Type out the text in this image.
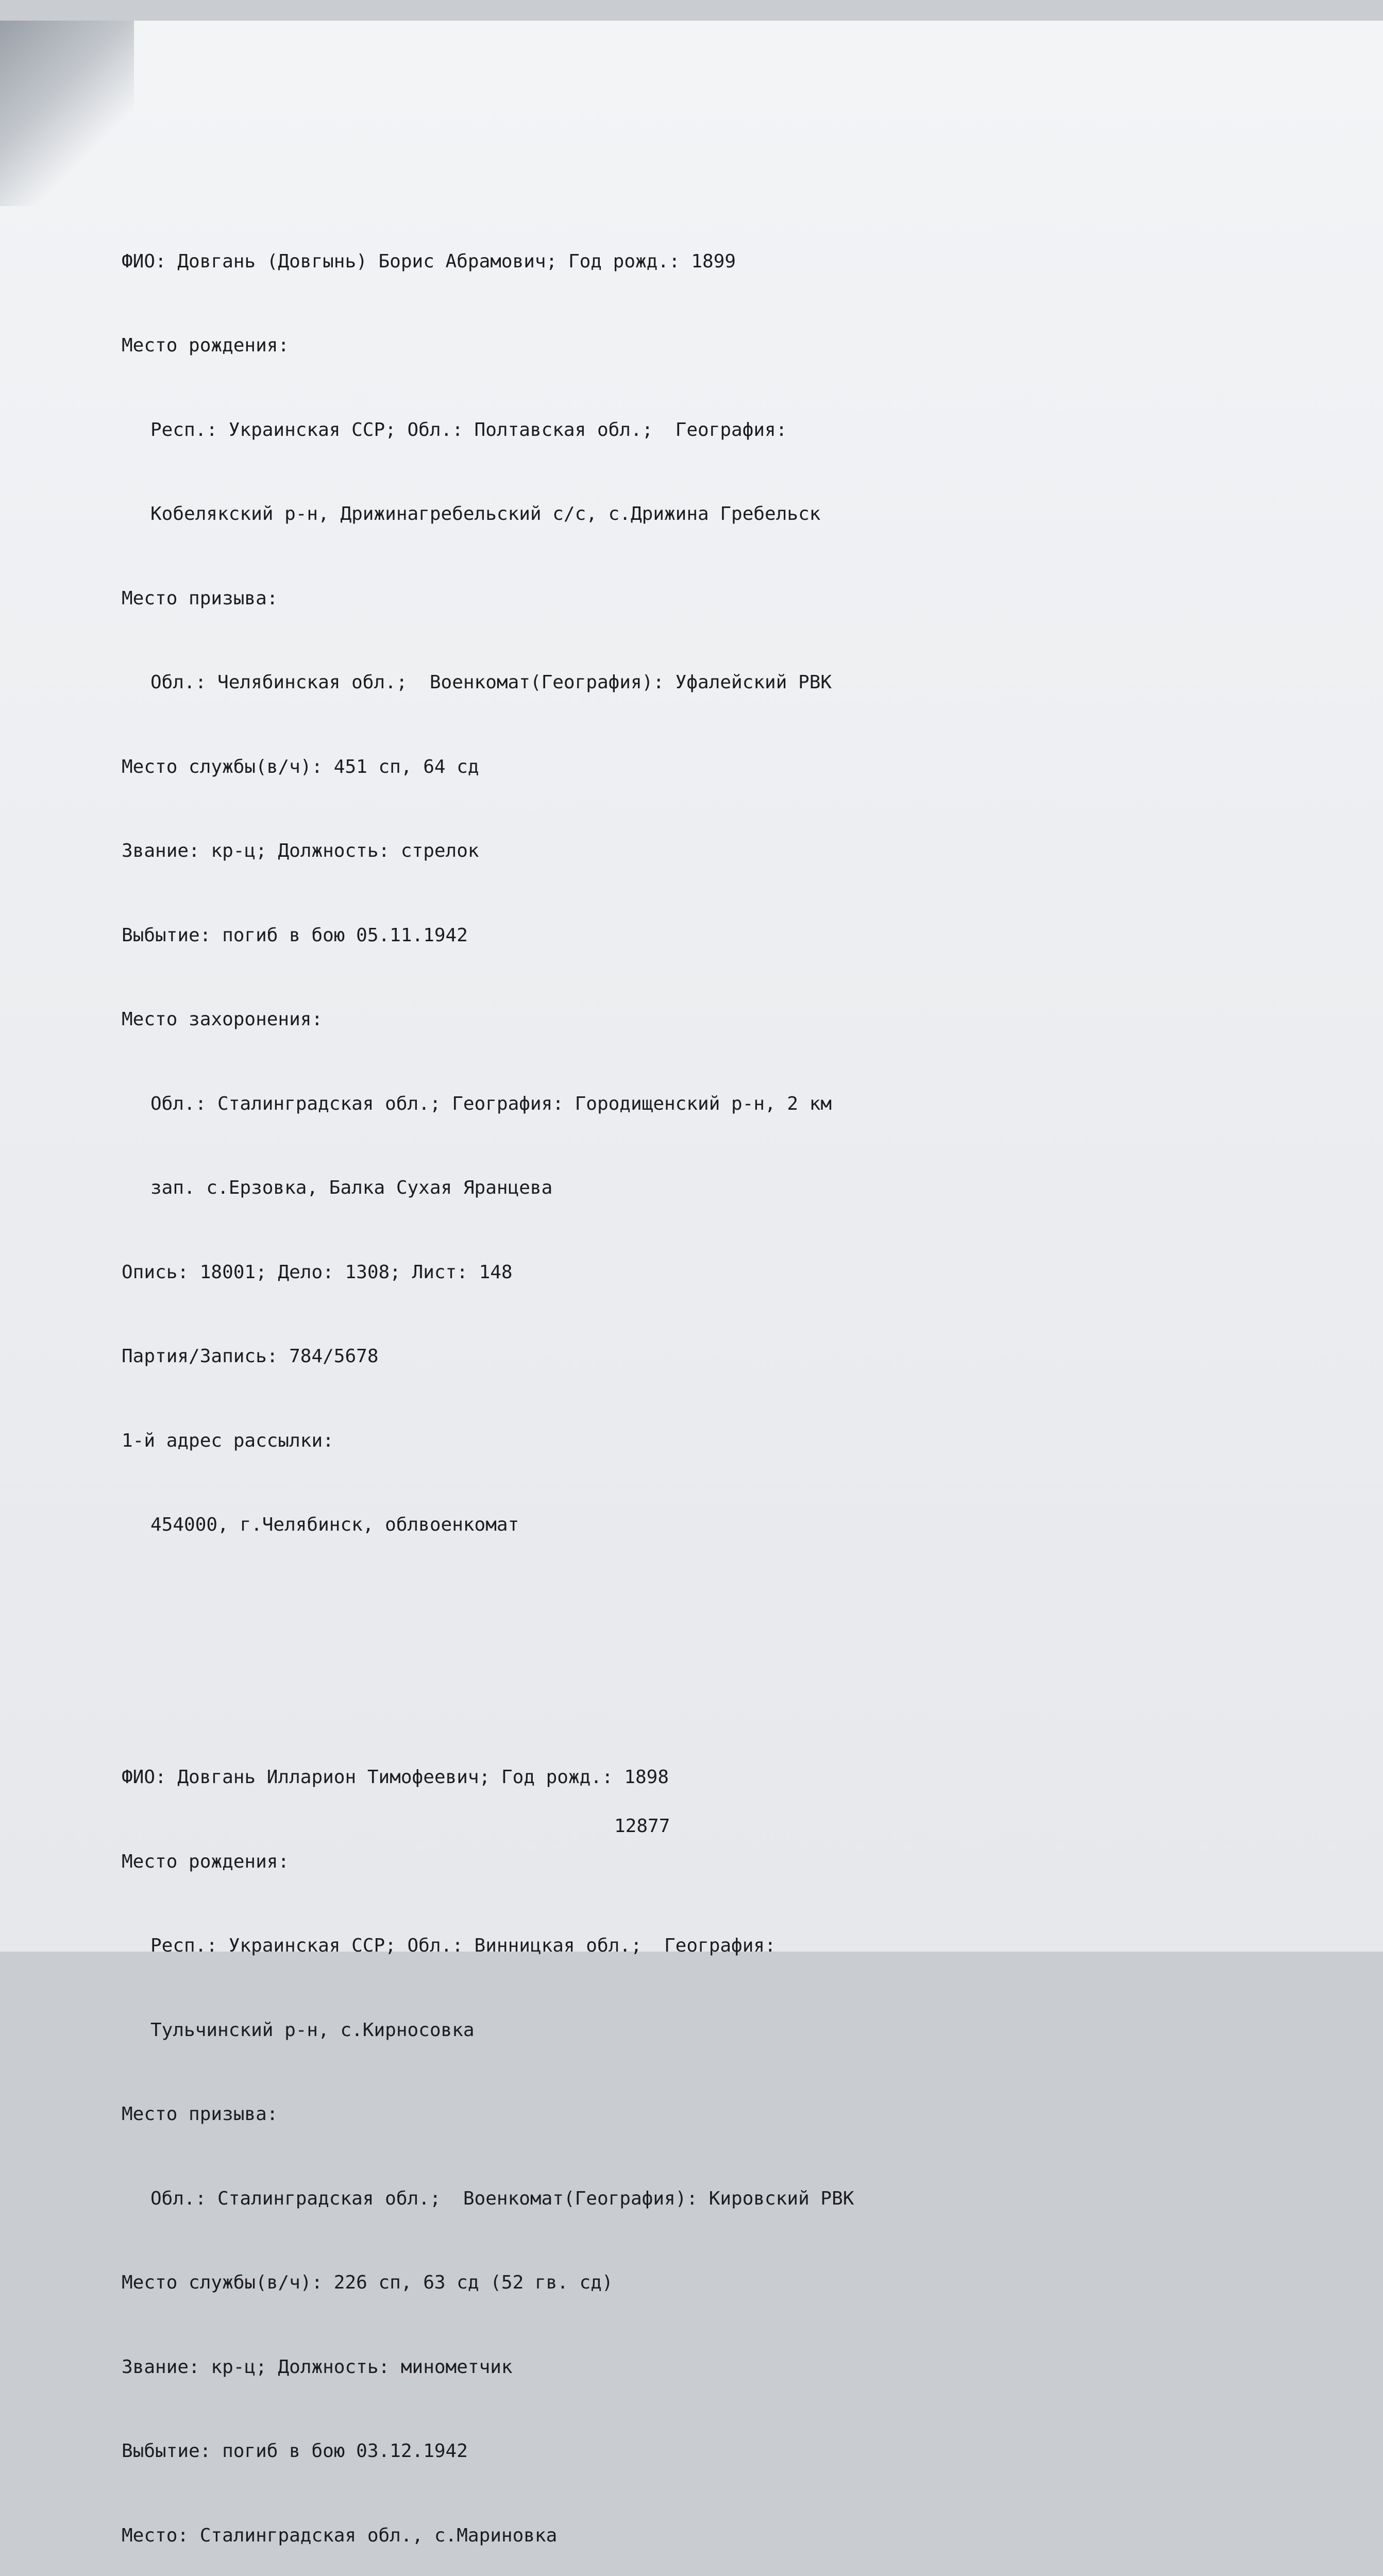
ФИО: Довгань (Довгынь) Борис Абрамович; Год рожд.: 1899

Место рождения:

Респ.: Украинская ССР; Обл.: Полтавская обл.;  География:

Кобелякский р-н, Дрижинагребельский с/с, с.Дрижина Гребельск

Место призыва:

Обл.: Челябинская обл.;  Военкомат(География): Уфалейский РВК

Место службы(в/ч): 451 сп, 64 сд

Звание: кр-ц; Должность: стрелок

Выбытие: погиб в бою 05.11.1942

Место захоронения:

Обл.: Сталинградская обл.; География: Городищенский р-н, 2 км

зап. с.Ерзовка, Балка Сухая Яранцева

Опись: 18001; Дело: 1308; Лист: 148

Партия/Запись: 784/5678

1-й адрес рассылки:

454000, г.Челябинск, облвоенкомат

ФИО: Довгань Илларион Тимофеевич; Год рожд.: 1898

Место рождения:

Респ.: Украинская ССР; Обл.: Винницкая обл.;  География:

Тульчинский р-н, с.Кирносовка

Место призыва:

Обл.: Сталинградская обл.;  Военкомат(География): Кировский РВК

Место службы(в/ч): 226 сп, 63 сд (52 гв. сд)

Звание: кр-ц; Должность: минометчик

Выбытие: погиб в бою 03.12.1942

Место: Сталинградская обл., с.Мариновка

12877
